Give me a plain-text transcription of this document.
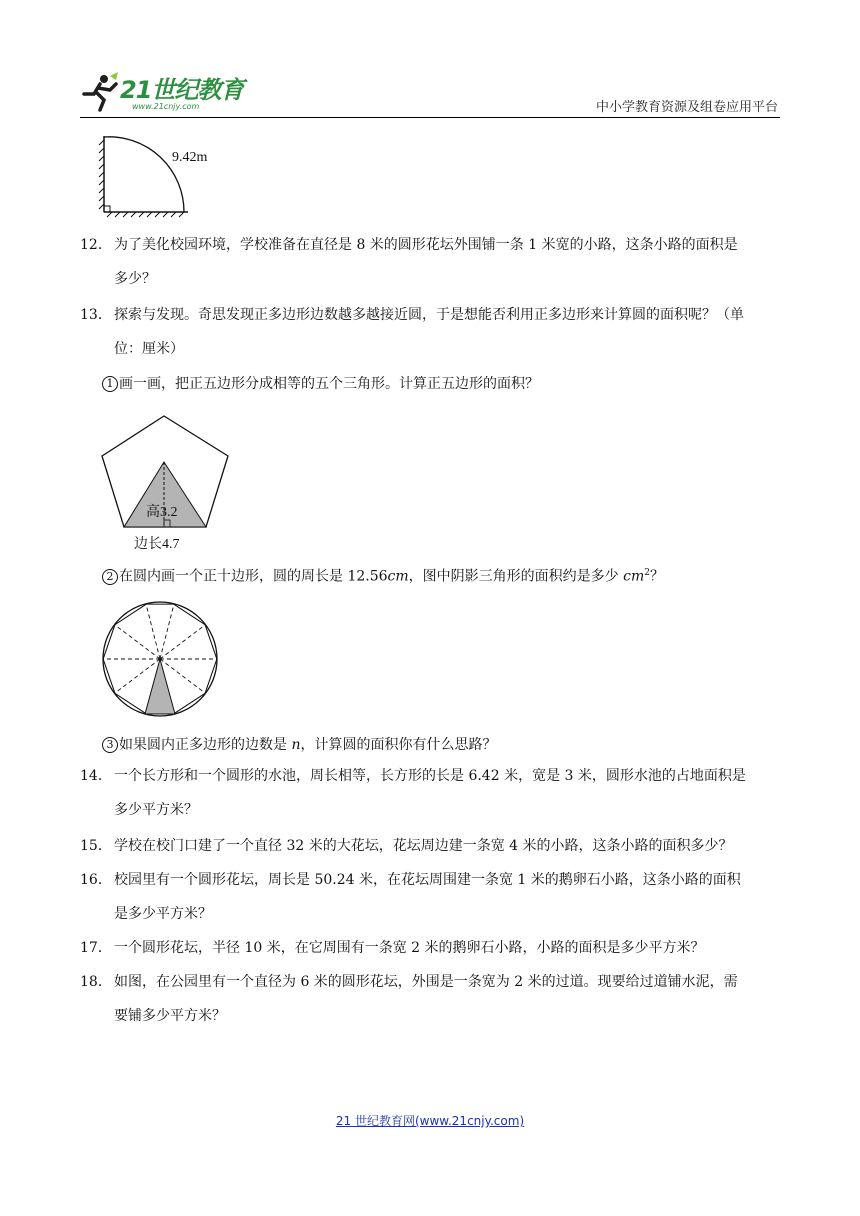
21世纪教育
www.21cnjy.com	中小学教育资源及组卷应用平台
9.42m
12． 为了美化校园环境，学校准备在直径是 8 米的圆形花坛外围铺一条 1 米宽的小路，这条小路的面积是
多少？
13． 探索与发现。奇思发现正多边形边数越多越接近圆，于是想能否利用正多边形来计算圆的面积呢？（单
位：厘米）
1 画一画，把正五边形分成相等的五个三角形。计算正五边形的面积？
高3.2
边长4.7
2 在圆内画一个正十边形，圆的周长是 12.56cm，图中阴影三角形的面积约是多少 $cm^2$？
3 如果圆内正多边形的边数是 n，计算圆的面积你有什么思路？
14． 一个长方形和一个圆形的水池，周长相等，长方形的长是 6.42 米，宽是 3 米，圆形水池的占地面积是
多少平方米？
15． 学校在校门口建了一个直径 32 米的大花坛，花坛周边建一条宽 4 米的小路，这条小路的面积多少？
16． 校园里有一个圆形花坛，周长是 50.24 米，在花坛周围建一条宽 1 米的鹅卵石小路，这条小路的面积
是多少平方米？
17． 一个圆形花坛，半径 10 米，在它周围有一条宽 2 米的鹅卵石小路，小路的面积是多少平方米？
18． 如图，在公园里有一个直径为 6 米的圆形花坛，外围是一条宽为 2 米的过道。现要给过道铺水泥，需
要铺多少平方米？
21 世纪教育网(www.21cnjy.com)
